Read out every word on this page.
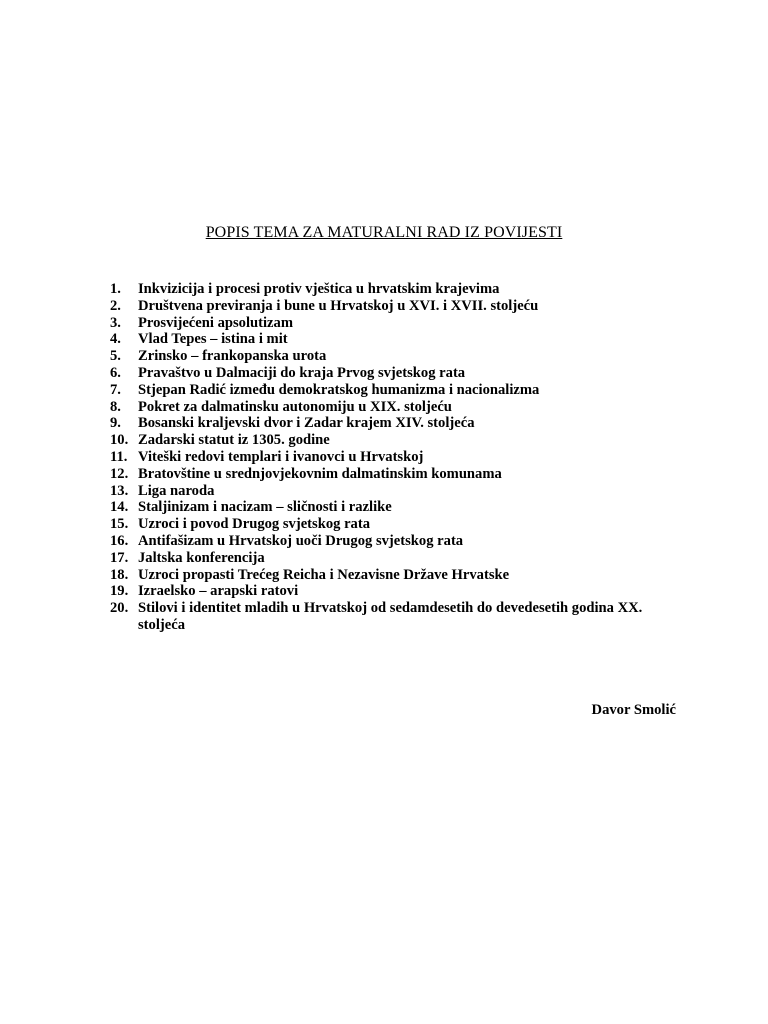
POPIS TEMA ZA MATURALNI RAD IZ POVIJESTI
1.	Inkvizicija i procesi protiv vještica u hrvatskim krajevima
2.	Društvena previranja i bune u Hrvatskoj u XVI. i XVII. stoljeću
3.	Prosvijećeni apsolutizam
4.	Vlad Tepes – istina i mit
5.	Zrinsko – frankopanska urota
6.	Pravaštvo u Dalmaciji do kraja Prvog svjetskog rata
7.	Stjepan Radić između demokratskog humanizma i nacionalizma
8.	Pokret za dalmatinsku autonomiju u XIX. stoljeću
9.	Bosanski kraljevski dvor i Zadar krajem XIV. stoljeća
10. Zadarski statut iz 1305. godine
11. Viteški redovi templari i ivanovci u Hrvatskoj
12. Bratovštine u srednjovjekovnim dalmatinskim komunama
13. Liga naroda
14. Staljinizam i nacizam – sličnosti i razlike
15. Uzroci i povod Drugog svjetskog rata
16. Antifašizam u Hrvatskoj uoči Drugog svjetskog rata
17. Jaltska konferencija
18. Uzroci propasti Trećeg Reicha i Nezavisne Države Hrvatske
19. Izraelsko – arapski ratovi
20. Stilovi i identitet mladih u Hrvatskoj od sedamdesetih do devedesetih godina XX. stoljeća
Davor Smolić
